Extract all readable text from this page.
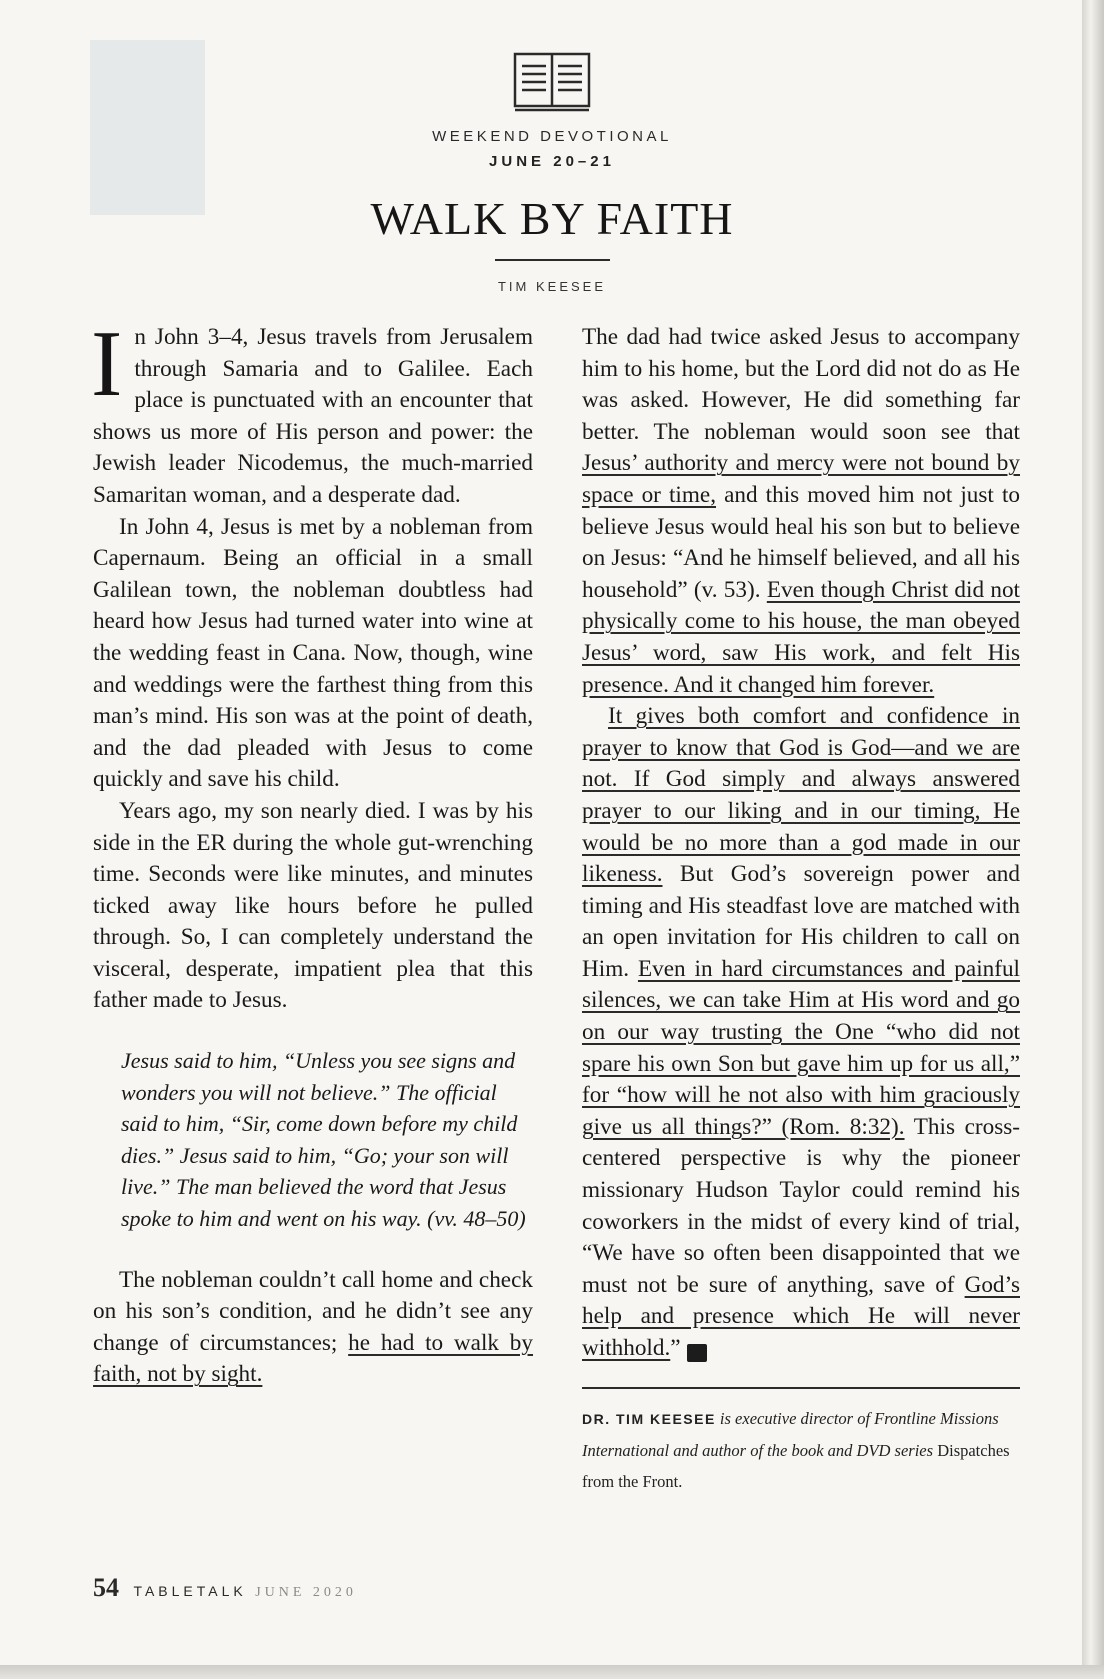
WEEKEND DEVOTIONAL
JUNE 20–21
WALK BY FAITH
TIM KEESEE

In John 3–4, Jesus travels from Jerusalem through Samaria and to Galilee. Each place is punctuated with an encounter that shows us more of His person and power: the Jewish leader Nicodemus, the much-married Samaritan woman, and a desperate dad.

In John 4, Jesus is met by a nobleman from Capernaum. Being an official in a small Galilean town, the nobleman doubtless had heard how Jesus had turned water into wine at the wedding feast in Cana. Now, though, wine and weddings were the farthest thing from this man’s mind. His son was at the point of death, and the dad pleaded with Jesus to come quickly and save his child.

Years ago, my son nearly died. I was by his side in the ER during the whole gut-wrenching time. Seconds were like minutes, and minutes ticked away like hours before he pulled through. So, I can completely understand the visceral, desperate, impatient plea that this father made to Jesus.

Jesus said to him, “Unless you see signs and wonders you will not believe.” The official said to him, “Sir, come down before my child dies.” Jesus said to him, “Go; your son will live.” The man believed the word that Jesus spoke to him and went on his way. (vv. 48–50)

The nobleman couldn’t call home and check on his son’s condition, and he didn’t see any change of circumstances; he had to walk by faith, not by sight.

The dad had twice asked Jesus to accompany him to his home, but the Lord did not do as He was asked. However, He did something far better. The nobleman would soon see that Jesus’ authority and mercy were not bound by space or time, and this moved him not just to believe Jesus would heal his son but to believe on Jesus: “And he himself believed, and all his household” (v. 53). Even though Christ did not physically come to his house, the man obeyed Jesus’ word, saw His work, and felt His presence. And it changed him forever.

It gives both comfort and confidence in prayer to know that God is God—and we are not. If God simply and always answered prayer to our liking and in our timing, He would be no more than a god made in our likeness. But God’s sovereign power and timing and His steadfast love are matched with an open invitation for His children to call on Him. Even in hard circumstances and painful silences, we can take Him at His word and go on our way trusting the One “who did not spare his own Son but gave him up for us all,” for “how will he not also with him graciously give us all things?” (Rom. 8:32). This cross-centered perspective is why the pioneer missionary Hudson Taylor could remind his coworkers in the midst of every kind of trial, “We have so often been disappointed that we must not be sure of anything, save of God’s help and presence which He will never withhold.” T

DR. TIM KEESEE is executive director of Frontline Missions International and author of the book and DVD series Dispatches from the Front.
54 TABLETALK JUNE 2020
